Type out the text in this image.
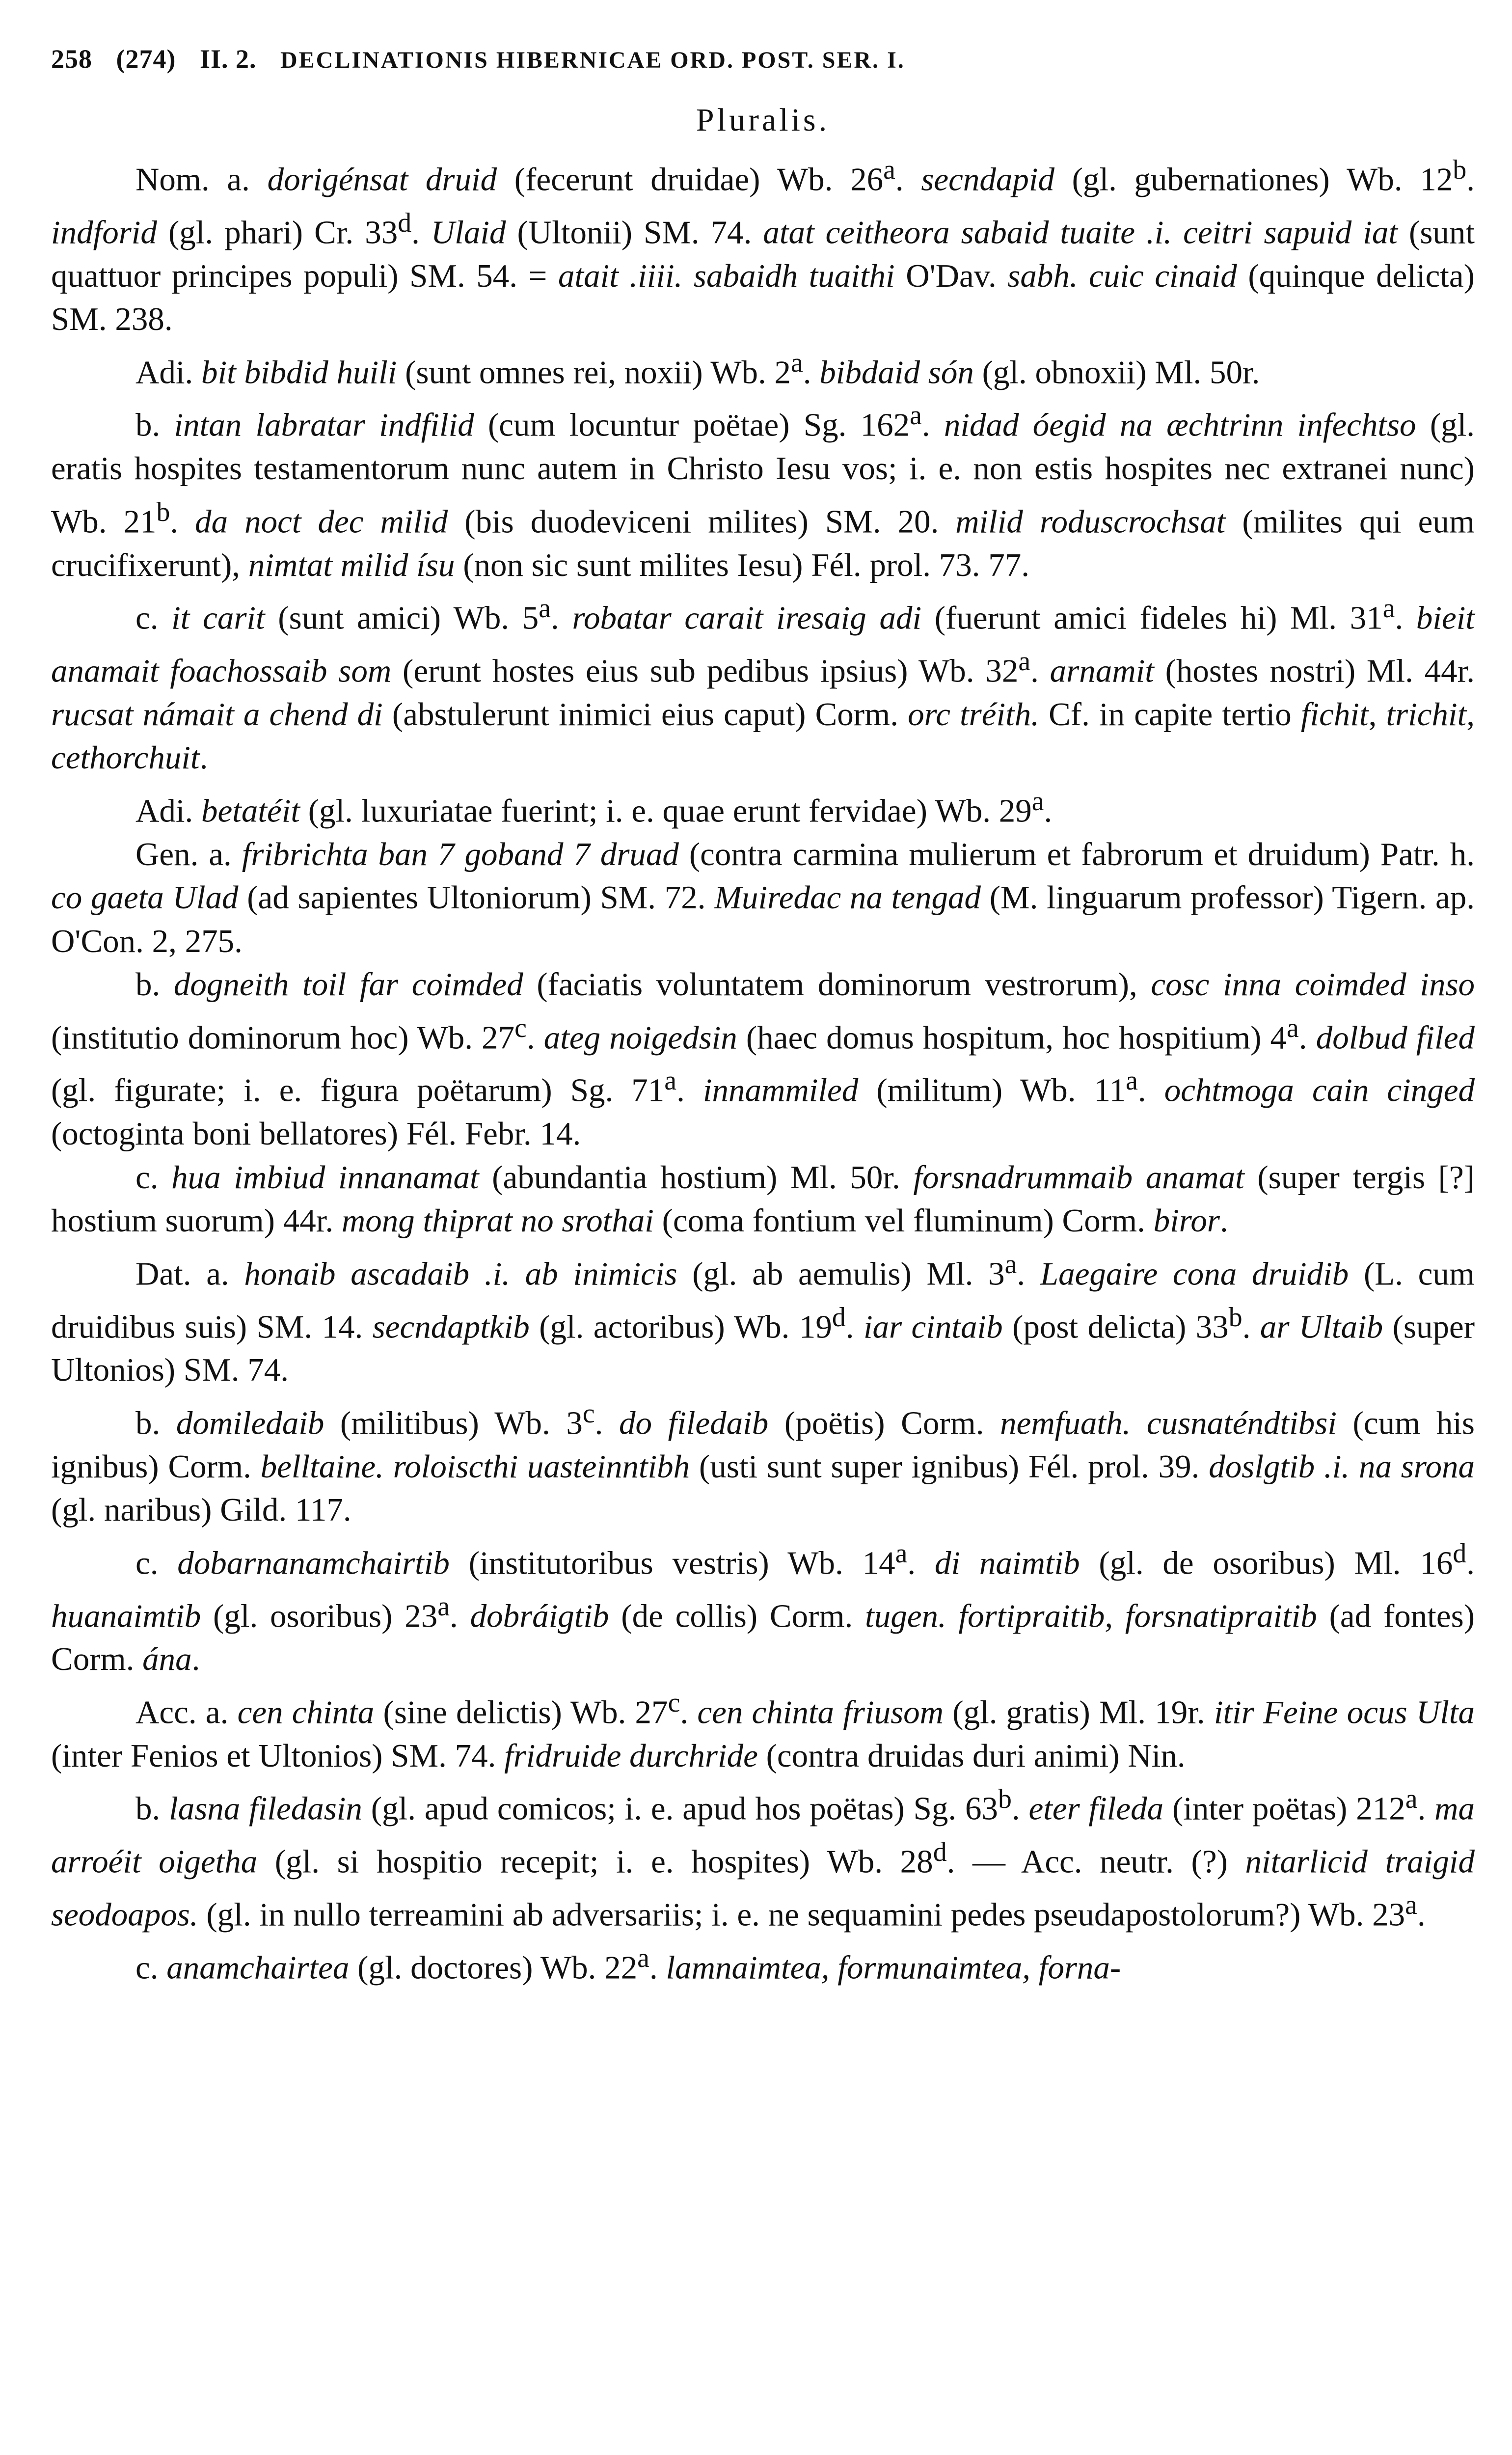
258 (274) II. 2. DECLINATIONIS HIBERNICAE ORD. POST. SER. I.
Pluralis.

Nom. a. dorigénsat druid (fecerunt druidae) Wb. 26$^a$. secndapid (gl. gubernationes) Wb. 12$^b$. indforid (gl. phari) Cr. 33$^d$. Ulaid (Ultonii) SM. 74. atat ceitheora sabaid tuaite .i. ceitri sapuid iat (sunt quattuor principes populi) SM. 54. = atait .iiii. sabaidh tuaithi O'Dav. sabh. cuic cinaid (quinque delicta) SM. 238.

Adi. bit bibdid huili (sunt omnes rei, noxii) Wb. 2$^a$. bibdaid són (gl. obnoxii) Ml. 50r.

b. intan labratar indfilid (cum locuntur poëtae) Sg. 162$^a$. nidad óegid na æchtrinn infechtso (gl. eratis hospites testamentorum nunc autem in Christo Iesu vos; i. e. non estis hospites nec extranei nunc) Wb. 21$^b$. da noct dec milid (bis duodeviceni milites) SM. 20. milid roduscrochsat (milites qui eum crucifixerunt), nimtat milid ísu (non sic sunt milites Iesu) Fél. prol. 73. 77.

c. it carit (sunt amici) Wb. 5$^a$. robatar carait iresaig adi (fuerunt amici fideles hi) Ml. 31$^a$. bieit anamait foachossaib som (erunt hostes eius sub pedibus ipsius) Wb. 32$^a$. arnamit (hostes nostri) Ml. 44r. rucsat námait a chend di (abstulerunt inimici eius caput) Corm. orc tréith. Cf. in capite tertio fichit, trichit, cethorchuit.

Adi. betatéit (gl. luxuriatae fuerint; i. e. quae erunt fervidae) Wb. 29$^a$.

Gen. a. fribrichta ban 7 goband 7 druad (contra carmina mulierum et fabrorum et druidum) Patr. h. co gaeta Ulad (ad sapientes Ultoniorum) SM. 72. Muiredac na tengad (M. linguarum professor) Tigern. ap. O'Con. 2, 275.

b. dogneith toil far coimded (faciatis voluntatem dominorum vestrorum), cosc inna coimded inso (institutio dominorum hoc) Wb. 27$^c$. ateg noigedsin (haec domus hospitum, hoc hospitium) 4$^a$. dolbud filed (gl. figurate; i. e. figura poëtarum) Sg. 71$^a$. innammiled (militum) Wb. 11$^a$. ochtmoga cain cinged (octoginta boni bellatores) Fél. Febr. 14.

c. hua imbiud innanamat (abundantia hostium) Ml. 50r. forsnadrummaib anamat (super tergis [?] hostium suorum) 44r. mong thiprat no srothai (coma fontium vel fluminum) Corm. biror.

Dat. a. honaib ascadaib .i. ab inimicis (gl. ab aemulis) Ml. 3$^a$. Laegaire cona druidib (L. cum druidibus suis) SM. 14. secndaptkib (gl. actoribus) Wb. 19$^d$. iar cintaib (post delicta) 33$^b$. ar Ultaib (super Ultonios) SM. 74.

b. domiledaib (militibus) Wb. 3$^c$. do filedaib (poëtis) Corm. nemfuath. cusnaténdtibsi (cum his ignibus) Corm. belltaine. roloiscthi uasteinntibh (usti sunt super ignibus) Fél. prol. 39. doslgtib .i. na srona (gl. naribus) Gild. 117.

c. dobarnanamchairtib (institutoribus vestris) Wb. 14$^a$. di naimtib (gl. de osoribus) Ml. 16$^d$. huanaimtib (gl. osoribus) 23$^a$. dobráigtib (de collis) Corm. tugen. fortipraitib, forsnatipraitib (ad fontes) Corm. ána.

Acc. a. cen chinta (sine delictis) Wb. 27$^c$. cen chinta friusom (gl. gratis) Ml. 19r. itir Feine ocus Ulta (inter Fenios et Ultonios) SM. 74. fridruide durchride (contra druidas duri animi) Nin.

b. lasna filedasin (gl. apud comicos; i. e. apud hos poëtas) Sg. 63$^b$. eter fileda (inter poëtas) 212$^a$. ma arroéit oigetha (gl. si hospitio recepit; i. e. hospites) Wb. 28$^d$. — Acc. neutr. (?) nitarlicid traigid seodoapos. (gl. in nullo terreamini ab adversariis; i. e. ne sequamini pedes pseudapostolorum?) Wb. 23$^a$.

c. anamchairtea (gl. doctores) Wb. 22$^a$. lamnaimtea, formunaimtea, forna-
